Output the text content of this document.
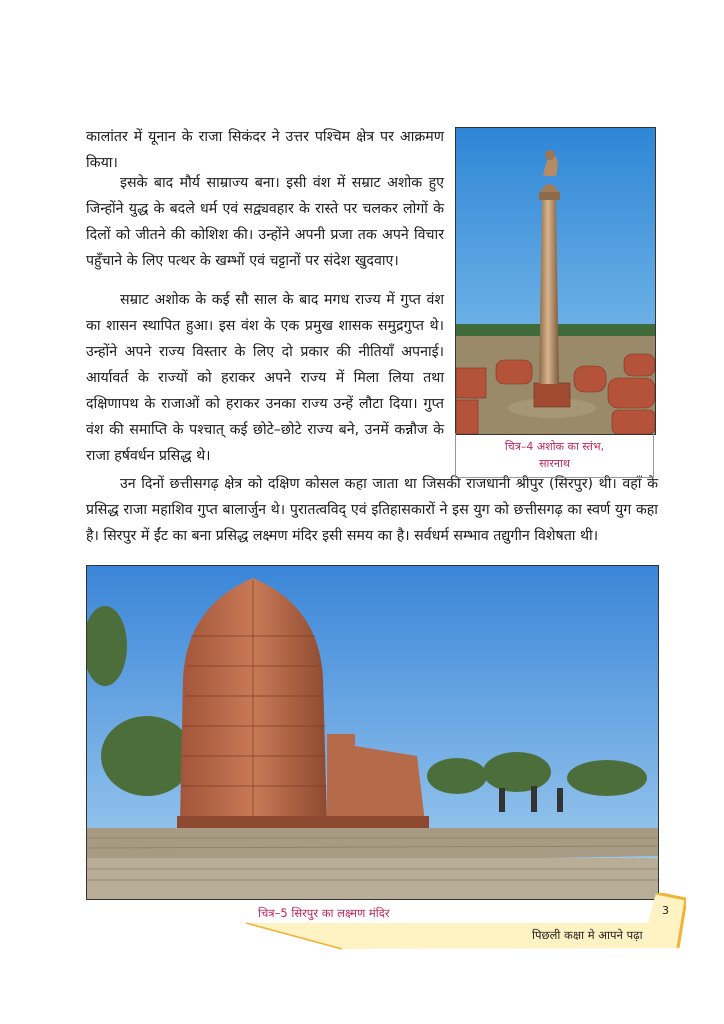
कालांतर में यूनान के राजा सिकंदर ने उत्तर पश्चिम क्षेत्र पर आक्रमण किया।

इसके बाद मौर्य साम्राज्य बना। इसी वंश में सम्राट अशोक हुए जिन्होंने युद्ध के बदले धर्म एवं सद्व्यवहार के रास्ते पर चलकर लोगों के दिलों को जीतने की कोशिश की। उन्होंने अपनी प्रजा तक अपने विचार पहुँचाने के लिए पत्थर के खम्भों एवं चट्टानों पर संदेश खुदवाए।

सम्राट अशोक के कई सौ साल के बाद मगध राज्य में गुप्त वंश का शासन स्थापित हुआ। इस वंश के एक प्रमुख शासक समुद्रगुप्त थे। उन्होंने अपने राज्य विस्तार के लिए दो प्रकार की नीतियाँ अपनाई। आर्यावर्त के राज्यों को हराकर अपने राज्य में मिला लिया तथा दक्षिणापथ के राजाओं को हराकर उनका राज्य उन्हें लौटा दिया। गुप्त वंश की समाप्ति के पश्चात् कई छोटे–छोटे राज्य बने, उनमें कन्नौज के राजा हर्षवर्धन प्रसिद्ध थे।

उन दिनों छत्तीसगढ़ क्षेत्र को दक्षिण कोसल कहा जाता था जिसकी राजधानी श्रीपुर (सिरपुर) थी। वहाँ के प्रसिद्ध राजा महाशिव गुप्त बालार्जुन थे। पुरातत्वविद् एवं इतिहासकारों ने इस युग को छत्तीसगढ़ का स्वर्ण युग कहा है। सिरपुर में ईंट का बना प्रसिद्ध लक्ष्मण मंदिर इसी समय का है। सर्वधर्म सम्भाव तद्युगीन विशेषता थी।

चित्र–4 अशोक का स्तंभ,
सारनाथ
चित्र–5 सिरपुर का लक्ष्मण मंदिर	3
पिछली कक्षा मे आपने पढ़ा
